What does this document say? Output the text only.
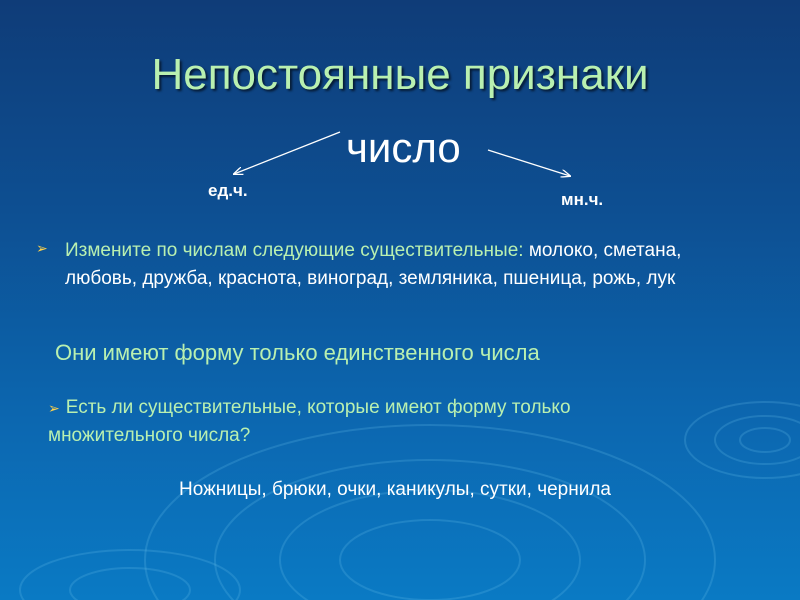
Непостоянные признаки
число
ед.ч.	мн.ч.
➢ Измените по числам следующие существительные: молоко, сметана, любовь, дружба, краснота, виноград, земляника, пшеница, рожь, лук
Они имеют форму только единственного числа
➢ Есть ли существительные, которые имеют форму только множительного числа?
Ножницы, брюки, очки, каникулы, сутки, чернила
